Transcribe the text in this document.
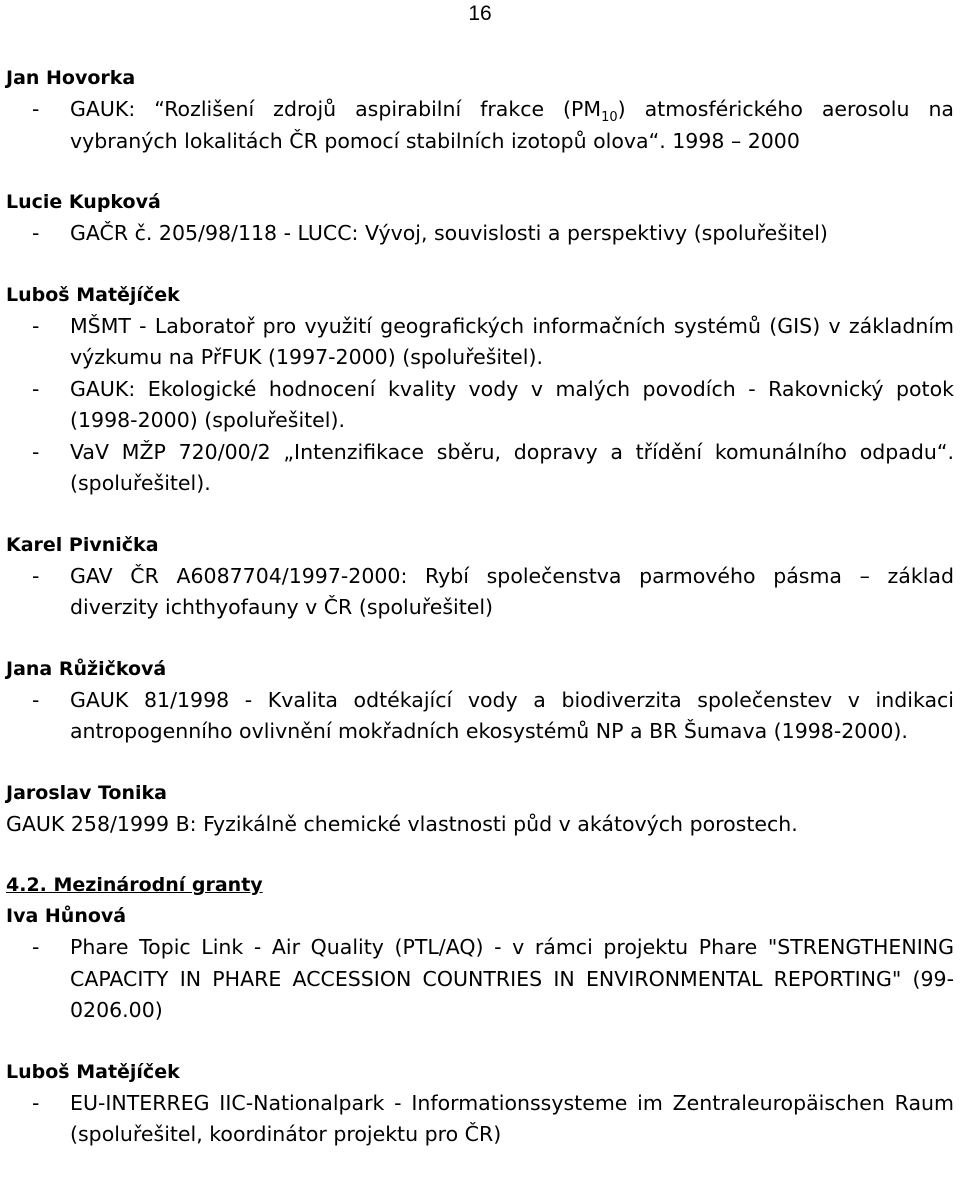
16

Jan Hovorka

- GAUK: “Rozlišení zdrojů aspirabilní frakce $(PM_{10})$ atmosférického aerosolu na vybraných lokalitách ČR pomocí stabilních izotopů olova“. 1998 – 2000

Lucie Kupková

- GAČR č. 205/98/118 - LUCC: Vývoj, souvislosti a perspektivy (spoluřešitel)

Luboš Matějíček

- MŠMT - Laboratoř pro využití geografických informačních systémů (GIS) v základním výzkumu na PřFUK (1997-2000) (spoluřešitel).

- GAUK: Ekologické hodnocení kvality vody v malých povodích - Rakovnický potok (1998-2000) (spoluřešitel).

- VaV MŽP 720/00/2 „Intenzifikace sběru, dopravy a třídění komunálního odpadu“. (spoluřešitel).

Karel Pivnička

- GAV ČR A6087704/1997-2000: Rybí společenstva parmového pásma – základ diverzity ichthyofauny v ČR (spoluřešitel)

Jana Růžičková

- GAUK 81/1998 - Kvalita odtékající vody a biodiverzita společenstev v indikaci antropogenního ovlivnění mokřadních ekosystémů NP a BR Šumava (1998-2000).

Jaroslav Tonika

GAUK 258/1999 B: Fyzikálně chemické vlastnosti půd v akátových porostech.

4.2. Mezinárodní granty

Iva Hůnová

- Phare Topic Link - Air Quality (PTL/AQ) - v rámci projektu Phare "STRENGTHENING CAPACITY IN PHARE ACCESSION COUNTRIES IN ENVIRONMENTAL REPORTING" (99-0206.00)

Luboš Matějíček

- EU-INTERREG IIC-Nationalpark - Informationssysteme im Zentraleuropäischen Raum (spoluřešitel, koordinátor projektu pro ČR)
